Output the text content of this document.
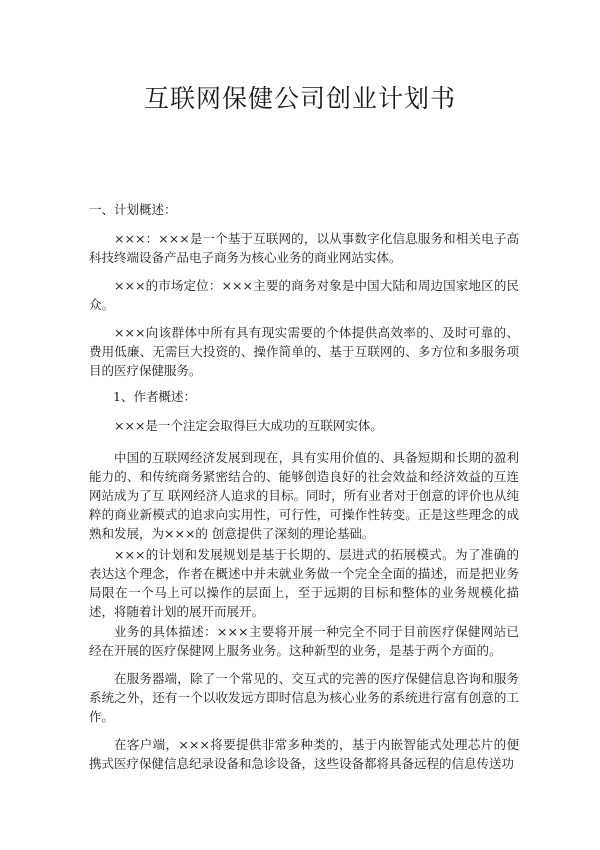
互联网保健公司创业计划书

一、计划概述：

×××：×××是一个基于互联网的，以从事数字化信息服务和相关电子高科技终端设备产品电子商务为核心业务的商业网站实体。

×××的市场定位：×××主要的商务对象是中国大陆和周边国家地区的民众。

×××向该群体中所有具有现实需要的个体提供高效率的、及时可靠的、费用低廉、无需巨大投资的、操作简单的、基于互联网的、多方位和多服务项目的医疗保健服务。

1、作者概述：

×××是一个注定会取得巨大成功的互联网实体。

中国的互联网经济发展到现在，具有实用价值的、具备短期和长期的盈利能力的、和传统商务紧密结合的、能够创造良好的社会效益和经济效益的互连网站成为了互 联网经济人追求的目标。同时，所有业者对于创意的评价也从纯粹的商业新模式的追求向实用性，可行性，可操作性转变。正是这些理念的成熟和发展，为×××的 创意提供了深刻的理论基础。

×××的计划和发展规划是基于长期的、层进式的拓展模式。为了准确的表达这个理念，作者在概述中并未就业务做一个完全全面的描述，而是把业务局限在一个马上可以操作的层面上，至于远期的目标和整体的业务规模化描述，将随着计划的展开而展开。

业务的具体描述：×××主要将开展一种完全不同于目前医疗保健网站已经在开展的医疗保健网上服务业务。这种新型的业务，是基于两个方面的。

在服务器端，除了一个常见的、交互式的完善的医疗保健信息咨询和服务系统之外，还有一个以收发远方即时信息为核心业务的系统进行富有创意的工作。

在客户端，×××将要提供非常多种类的，基于内嵌智能式处理芯片的便携式医疗保健信息纪录设备和急诊设备，这些设备都将具备远程的信息传送功
